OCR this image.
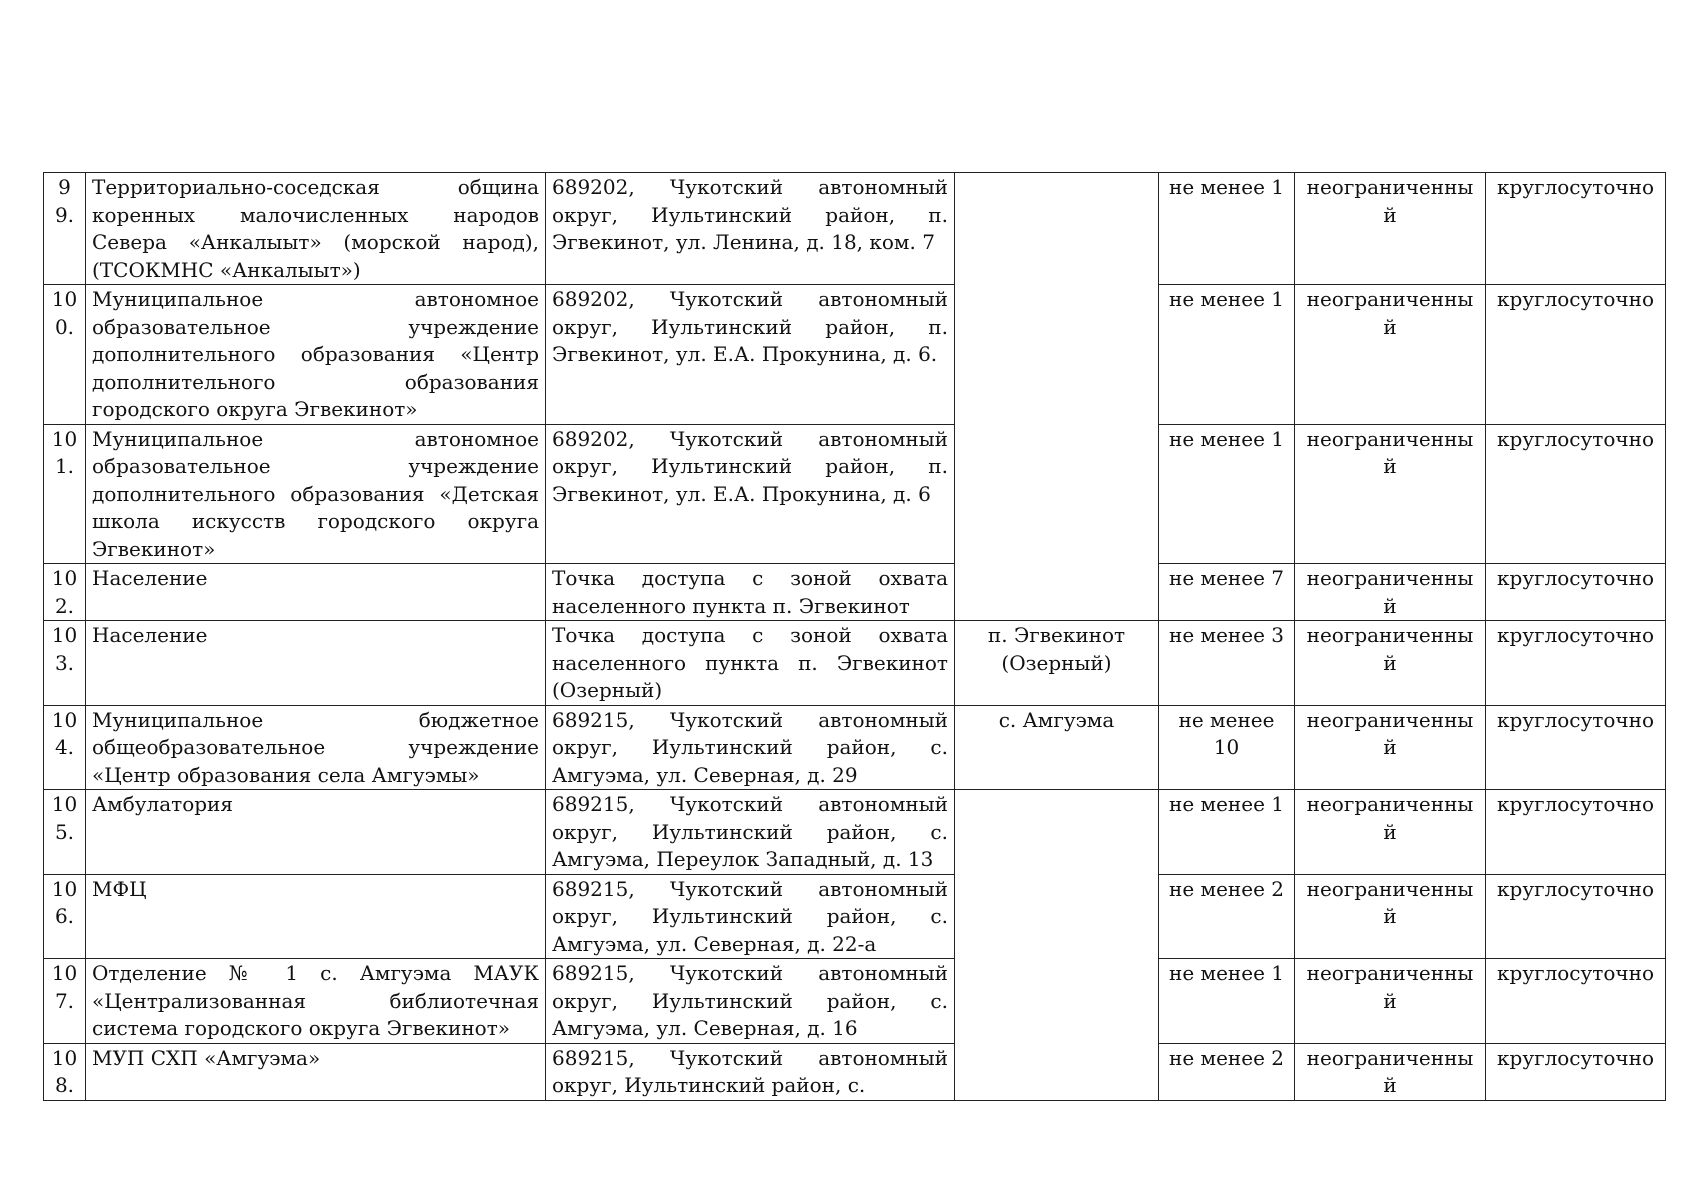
99.	Территориально-соседская община коренных малочисленных народов Севера «Анкалыыт» (морской народ), (ТСОКМНС «Анкалыыт»)	689202, Чукотский автономный округ, Иультинский район, п. Эгвекинот, ул. Ленина, д. 18, ком. 7		не менее 1	неограниченный	круглосуточно
100.	Муниципальное автономное образовательное учреждение дополнительного образования «Центр дополнительного образования городского округа Эгвекинот»	689202, Чукотский автономный округ, Иультинский район, п. Эгвекинот, ул. Е.А. Прокунина, д. 6.		не менее 1	неограниченный	круглосуточно
101.	Муниципальное автономное образовательное учреждение дополнительного образования «Детская школа искусств городского округа Эгвекинот»	689202, Чукотский автономный округ, Иультинский район, п. Эгвекинот, ул. Е.А. Прокунина, д. 6		не менее 1	неограниченный	круглосуточно
102.	Население	Точка доступа с зоной охвата населенного пункта п. Эгвекинот		не менее 7	неограниченный	круглосуточно
103.	Население	Точка доступа с зоной охвата населенного пункта п. Эгвекинот (Озерный)	п. Эгвекинот (Озерный)	не менее 3	неограниченный	круглосуточно
104.	Муниципальное бюджетное общеобразовательное учреждение «Центр образования села Амгуэмы»	689215, Чукотский автономный округ, Иультинский район, с. Амгуэма, ул. Северная, д. 29	с. Амгуэма	не менее 10	неограниченный	круглосуточно
105.	Амбулатория	689215, Чукотский автономный округ, Иультинский район, с. Амгуэма, Переулок Западный, д. 13		не менее 1	неограниченный	круглосуточно
106.	МФЦ	689215, Чукотский автономный округ, Иультинский район, с. Амгуэма, ул. Северная, д. 22-а		не менее 2	неограниченный	круглосуточно
107.	Отделение № 1 с. Амгуэма МАУК «Централизованная библиотечная система городского округа Эгвекинот»	689215, Чукотский автономный округ, Иультинский район, с. Амгуэма, ул. Северная, д. 16		не менее 1	неограниченный	круглосуточно
108.	МУП СХП «Амгуэма»	689215, Чукотский автономный округ, Иультинский район, с.		не менее 2	неограниченный	круглосуточно
